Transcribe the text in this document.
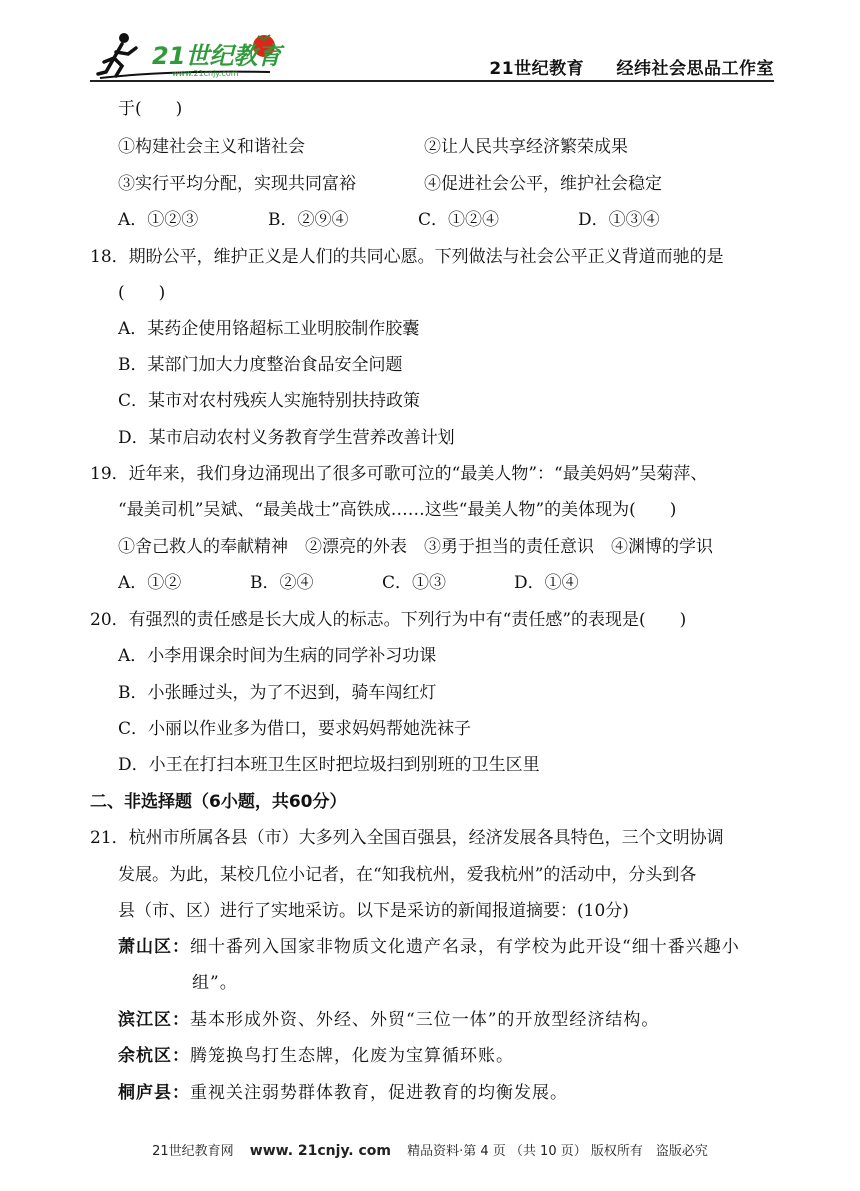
21世纪教育
www.21cnjy.com	21世纪教育 经纬社会思品工作室
于(　　)
①构建社会主义和谐社会	②让人民共享经济繁荣成果
③实行平均分配，实现共同富裕	④促进社会公平，维护社会稳定
A．①②③	B．②⑨④	C．①②④	D．①③④
18．期盼公平，维护正义是人们的共同心愿。下列做法与社会公平正义背道而驰的是
(　　)
A．某药企使用铬超标工业明胶制作胶囊
B．某部门加大力度整治食品安全问题
C．某市对农村残疾人实施特别扶持政策
D．某市启动农村义务教育学生营养改善计划
19．近年来，我们身边涌现出了很多可歌可泣的“最美人物”：“最美妈妈”吴菊萍、
“最美司机”吴斌、“最美战士”高铁成……这些“最美人物”的美体现为(　　)
①舍己救人的奉献精神　②漂亮的外表　③勇于担当的责任意识　④渊博的学识
A．①②	B．②④	C．①③	D．①④
20．有强烈的责任感是长大成人的标志。下列行为中有“责任感”的表现是(　　)
A．小李用课余时间为生病的同学补习功课
B．小张睡过头，为了不迟到，骑车闯红灯
C．小丽以作业多为借口，要求妈妈帮她洗袜子
D．小王在打扫本班卫生区时把垃圾扫到别班的卫生区里
二、非选择题（6小题，共60分）
21．杭州市所属各县（市）大多列入全国百强县，经济发展各具特色，三个文明协调
发展。为此，某校几位小记者，在“知我杭州，爱我杭州”的活动中，分头到各
县（市、区）进行了实地采访。以下是采访的新闻报道摘要：(10分)
萧山区：细十番列入国家非物质文化遗产名录，有学校为此开设“细十番兴趣小
组”。
滨江区：基本形成外资、外经、外贸“三位一体”的开放型经济结构。
余杭区：腾笼换鸟打生态牌，化废为宝算循环账。
桐庐县：重视关注弱势群体教育，促进教育的均衡发展。
21世纪教育网 www. 21cnjy. com 精品资料·第 4 页 （共 10 页） 版权所有　盗版必究
